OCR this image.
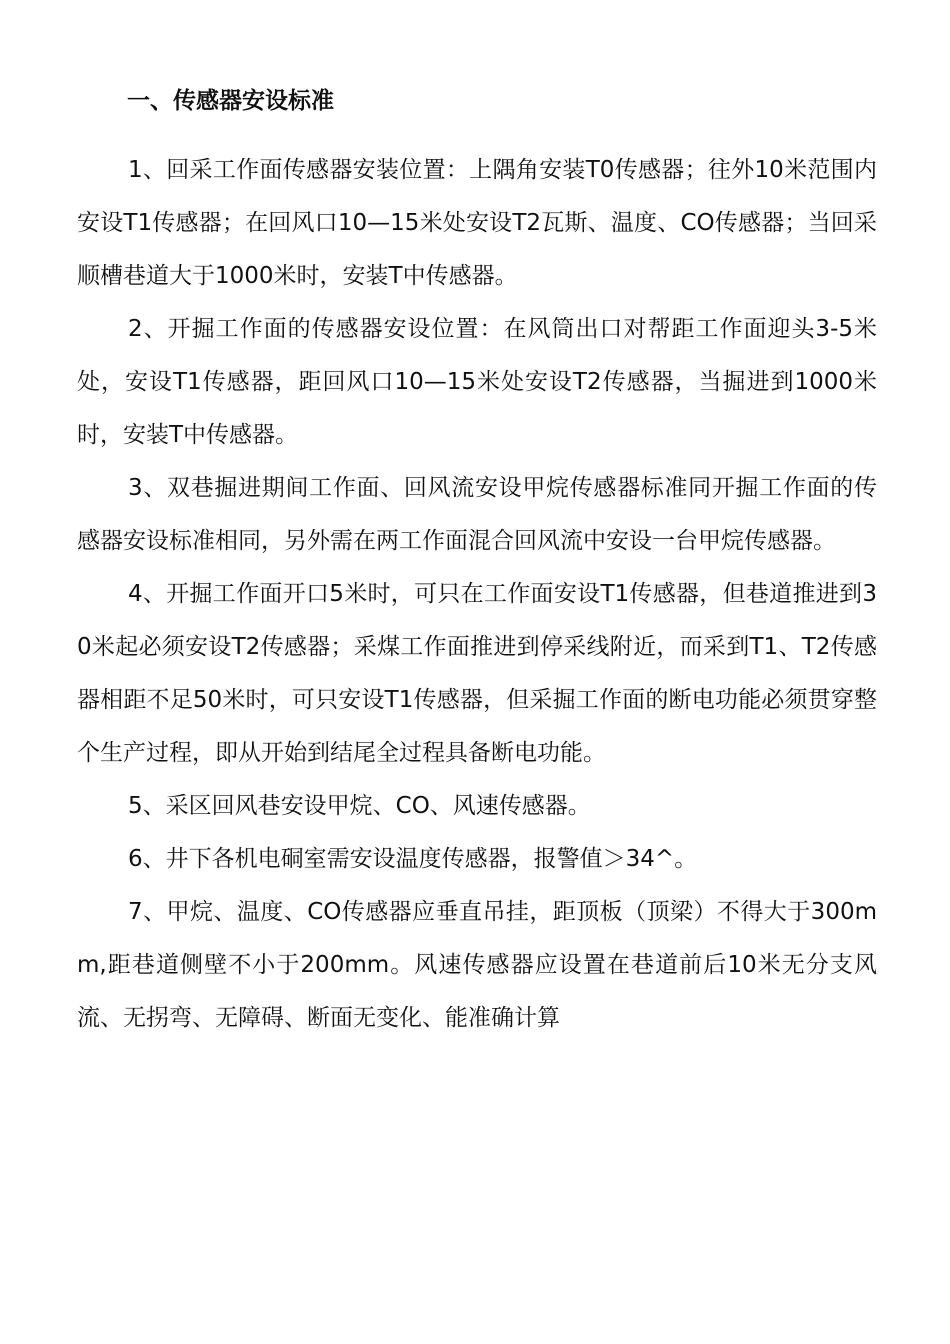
一、传感器安设标准

1、回采工作面传感器安装位置：上隅角安装T0传感器；往外10米范围内安设T1传感器；在回风口10—15米处安设T2瓦斯、温度、CO传感器；当回采顺槽巷道大于1000米时，安装T中传感器。

2、开掘工作面的传感器安设位置：在风筒出口对帮距工作面迎头3-5米处，安设T1传感器，距回风口10—15米处安设T2传感器，当掘进到1000米时，安装T中传感器。

3、双巷掘进期间工作面、回风流安设甲烷传感器标准同开掘工作面的传感器安设标准相同，另外需在两工作面混合回风流中安设一台甲烷传感器。

4、开掘工作面开口5米时，可只在工作面安设T1传感器，但巷道推进到30米起必须安设T2传感器；采煤工作面推进到停采线附近，而采到T1、T2传感器相距不足50米时，可只安设T1传感器，但采掘工作面的断电功能必须贯穿整个生产过程，即从开始到结尾全过程具备断电功能。

5、采区回风巷安设甲烷、CO、风速传感器。

6、井下各机电硐室需安设温度传感器，报警值＞34^。

7、甲烷、温度、CO传感器应垂直吊挂，距顶板（顶梁）不得大于300mm,距巷道侧壁不小于200mm。风速传感器应设置在巷道前后10米无分支风流、无拐弯、无障碍、断面无变化、能准确计算
